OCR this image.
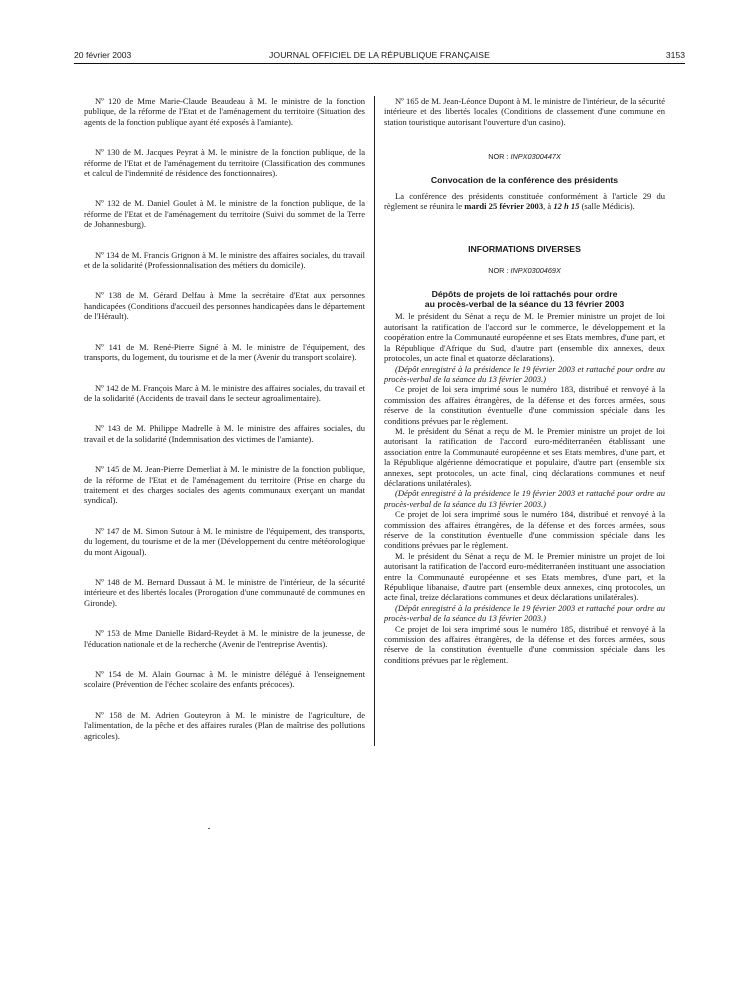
20 février 2003	JOURNAL OFFICIEL DE LA RÉPUBLIQUE FRANÇAISE	3153

Nº 120 de Mme Marie-Claude Beaudeau à M. le ministre de la fonction publique, de la réforme de l'Etat et de l'aménagement du territoire (Situation des agents de la fonction publique ayant été exposés à l'amiante).

Nº 130 de M. Jacques Peyrat à M. le ministre de la fonction publique, de la réforme de l'Etat et de l'aménagement du territoire (Classification des communes et calcul de l'indemnité de résidence des fonctionnaires).

Nº 132 de M. Daniel Goulet à M. le ministre de la fonction publique, de la réforme de l'Etat et de l'aménagement du territoire (Suivi du sommet de la Terre de Johannesburg).

Nº 134 de M. Francis Grignon à M. le ministre des affaires sociales, du travail et de la solidarité (Professionnalisation des métiers du domicile).

Nº 138 de M. Gérard Delfau à Mme la secrétaire d'Etat aux personnes handicapées (Conditions d'accueil des personnes handicapées dans le département de l'Hérault).

Nº 141 de M. René-Pierre Signé à M. le ministre de l'équipement, des transports, du logement, du tourisme et de la mer (Avenir du transport scolaire).

Nº 142 de M. François Marc à M. le ministre des affaires sociales, du travail et de la solidarité (Accidents de travail dans le secteur agroalimentaire).

Nº 143 de M. Philippe Madrelle à M. le ministre des affaires sociales, du travail et de la solidarité (Indemnisation des victimes de l'amiante).

Nº 145 de M. Jean-Pierre Demerliat à M. le ministre de la fonction publique, de la réforme de l'Etat et de l'aménagement du territoire (Prise en charge du traitement et des charges sociales des agents communaux exerçant un mandat syndical).

Nº 147 de M. Simon Sutour à M. le ministre de l'équipement, des transports, du logement, du tourisme et de la mer (Développement du centre météorologique du mont Aigoual).

Nº 148 de M. Bernard Dussaut à M. le ministre de l'intérieur, de la sécurité intérieure et des libertés locales (Prorogation d'une communauté de communes en Gironde).

Nº 153 de Mme Danielle Bidard-Reydet à M. le ministre de la jeunesse, de l'éducation nationale et de la recherche (Avenir de l'entreprise Aventis).

Nº 154 de M. Alain Gournac à M. le ministre délégué à l'enseignement scolaire (Prévention de l'échec scolaire des enfants précoces).

Nº 158 de M. Adrien Gouteyron à M. le ministre de l'agriculture, de l'alimentation, de la pêche et des affaires rurales (Plan de maîtrise des pollutions agricoles).

Nº 165 de M. Jean-Léonce Dupont à M. le ministre de l'intérieur, de la sécurité intérieure et des libertés locales (Conditions de classement d'une commune en station touristique autorisant l'ouverture d'un casino).

NOR : INPX0300447X

Convocation de la conférence des présidents

La conférence des présidents constituée conformément à l'article 29 du règlement se réunira le mardi 25 février 2003, à 12 h 15 (salle Médicis).

INFORMATIONS DIVERSES

NOR : INPX0300469X

Dépôts de projets de loi rattachés pour ordre

au procès-verbal de la séance du 13 février 2003

M. le président du Sénat a reçu de M. le Premier ministre un projet de loi autorisant la ratification de l'accord sur le commerce, le développement et la coopération entre la Communauté européenne et ses Etats membres, d'une part, et la République d'Afrique du Sud, d'autre part (ensemble dix annexes, deux protocoles, un acte final et quatorze déclarations).

(Dépôt enregistré à la présidence le 19 février 2003 et rattaché pour ordre au procès-verbal de la séance du 13 février 2003.)

Ce projet de loi sera imprimé sous le numéro 183, distribué et renvoyé à la commission des affaires étrangères, de la défense et des forces armées, sous réserve de la constitution éventuelle d'une commission spéciale dans les conditions prévues par le règlement.

M. le président du Sénat a reçu de M. le Premier ministre un projet de loi autorisant la ratification de l'accord euro-méditerranéen établissant une association entre la Communauté européenne et ses Etats membres, d'une part, et la République algérienne démocratique et populaire, d'autre part (ensemble six annexes, sept protocoles, un acte final, cinq déclarations communes et neuf déclarations unilatérales).

(Dépôt enregistré à la présidence le 19 février 2003 et rattaché pour ordre au procès-verbal de la séance du 13 février 2003.)

Ce projet de loi sera imprimé sous le numéro 184, distribué et renvoyé à la commission des affaires étrangères, de la défense et des forces armées, sous réserve de la constitution éventuelle d'une commission spéciale dans les conditions prévues par le règlement.

M. le président du Sénat a reçu de M. le Premier ministre un projet de loi autorisant la ratification de l'accord euro-méditerranéen instituant une association entre la Communauté européenne et ses Etats membres, d'une part, et la République libanaise, d'autre part (ensemble deux annexes, cinq protocoles, un acte final, treize déclarations communes et deux déclarations unilatérales).

(Dépôt enregistré à la présidence le 19 février 2003 et rattaché pour ordre au procès-verbal de la séance du 13 février 2003.)

Ce projet de loi sera imprimé sous le numéro 185, distribué et renvoyé à la commission des affaires étrangères, de la défense et des forces armées, sous réserve de la constitution éventuelle d'une commission spéciale dans les conditions prévues par le règlement.
